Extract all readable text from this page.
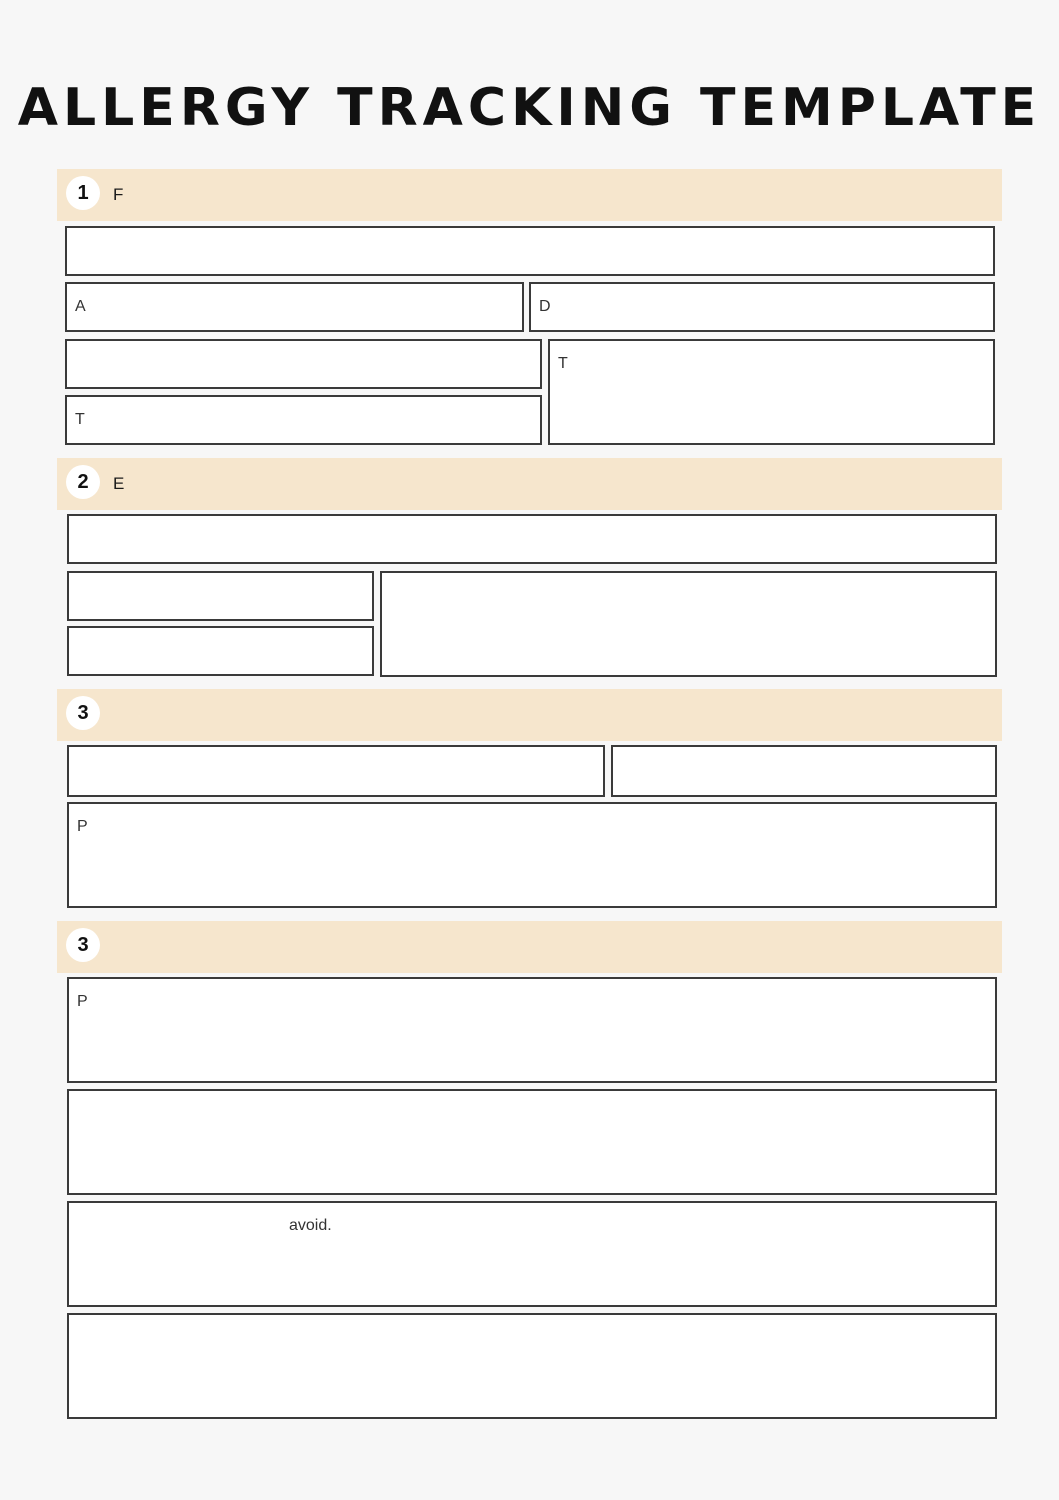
ALLERGY TRACKING TEMPLATE
1	F
A	D
T
T
2	E
3
P
3
P
avoid.
